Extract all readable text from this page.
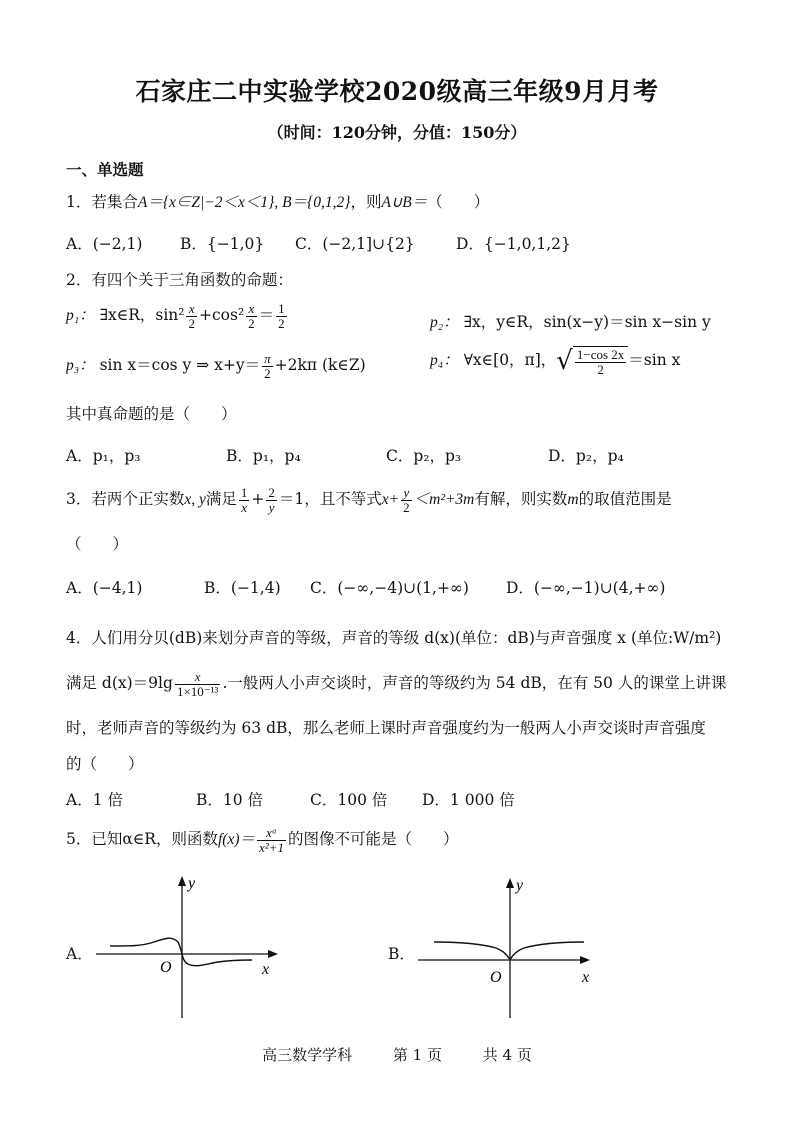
石家庄二中实验学校2020级高三年级9月月考
（时间：120分钟，分值：150分）
一、单选题
1．若集合A＝{x∈Z|−2＜x＜1}, B＝{0,1,2}，则A∪B＝（　　）
A．(−2,1) B．{−1,0} C．(−2,1]∪{2}	D．{−1,0,1,2}
2．有四个关于三角函数的命题：
p₁： ∃x∈R，$\sin^2 \frac{x}{2} +\cos^2 \frac{x}{2} = \frac{1}{2}$	p₂： ∃x，y∈R，sin(x−y)＝sin x−sin y
p₃： sin x＝cos y ⇒ $x+y= \frac{\pi}{2} +2k\pi$ (k∈Z)	p₄： ∀x∈[0，π]，√ $\frac{1-\cos 2x}{2} =\sin$ x
其中真命题的是（　　）
A．p₁，p₃	B．p₁，p₄	C．p₂，p₃	D．p₂，p₄
3．若两个正实数x, y满足 $\frac{1}{x} + \frac{2}{y} =1$，且不等式$x+ \frac{y}{2} <m^2+3m$有解，则实数m的取值范围是
（　　）
A．(−4,1)	B．(−1,4) C．(−∞,−4)∪(1,+∞) D．(−∞,−1)∪(4,+∞)
4．人们用分贝(dB)来划分声音的等级，声音的等级 d(x)(单位：dB)与声音强度 x (单位:W/m²)
满足 $d(x)=9\lg \frac{x}{\text{1×10⁻¹³}}$ .一般两人小声交谈时，声音的等级约为 54 dB，在有 50 人的课堂上讲课
时，老师声音的等级约为 63 dB，那么老师上课时声音强度约为一般两人小声交谈时声音强度
的（　　）
A．1 倍	B．10 倍	C．100 倍 D．1 000 倍
5．已知α∈R，则函数$f(x)= \frac{\text{xᵅ}}{\text{x²+1}}$ 的图像不可能是（　　）
A．
O	x
y
B．
O	x
y
高三数学学科	第 1 页	共 4 页
